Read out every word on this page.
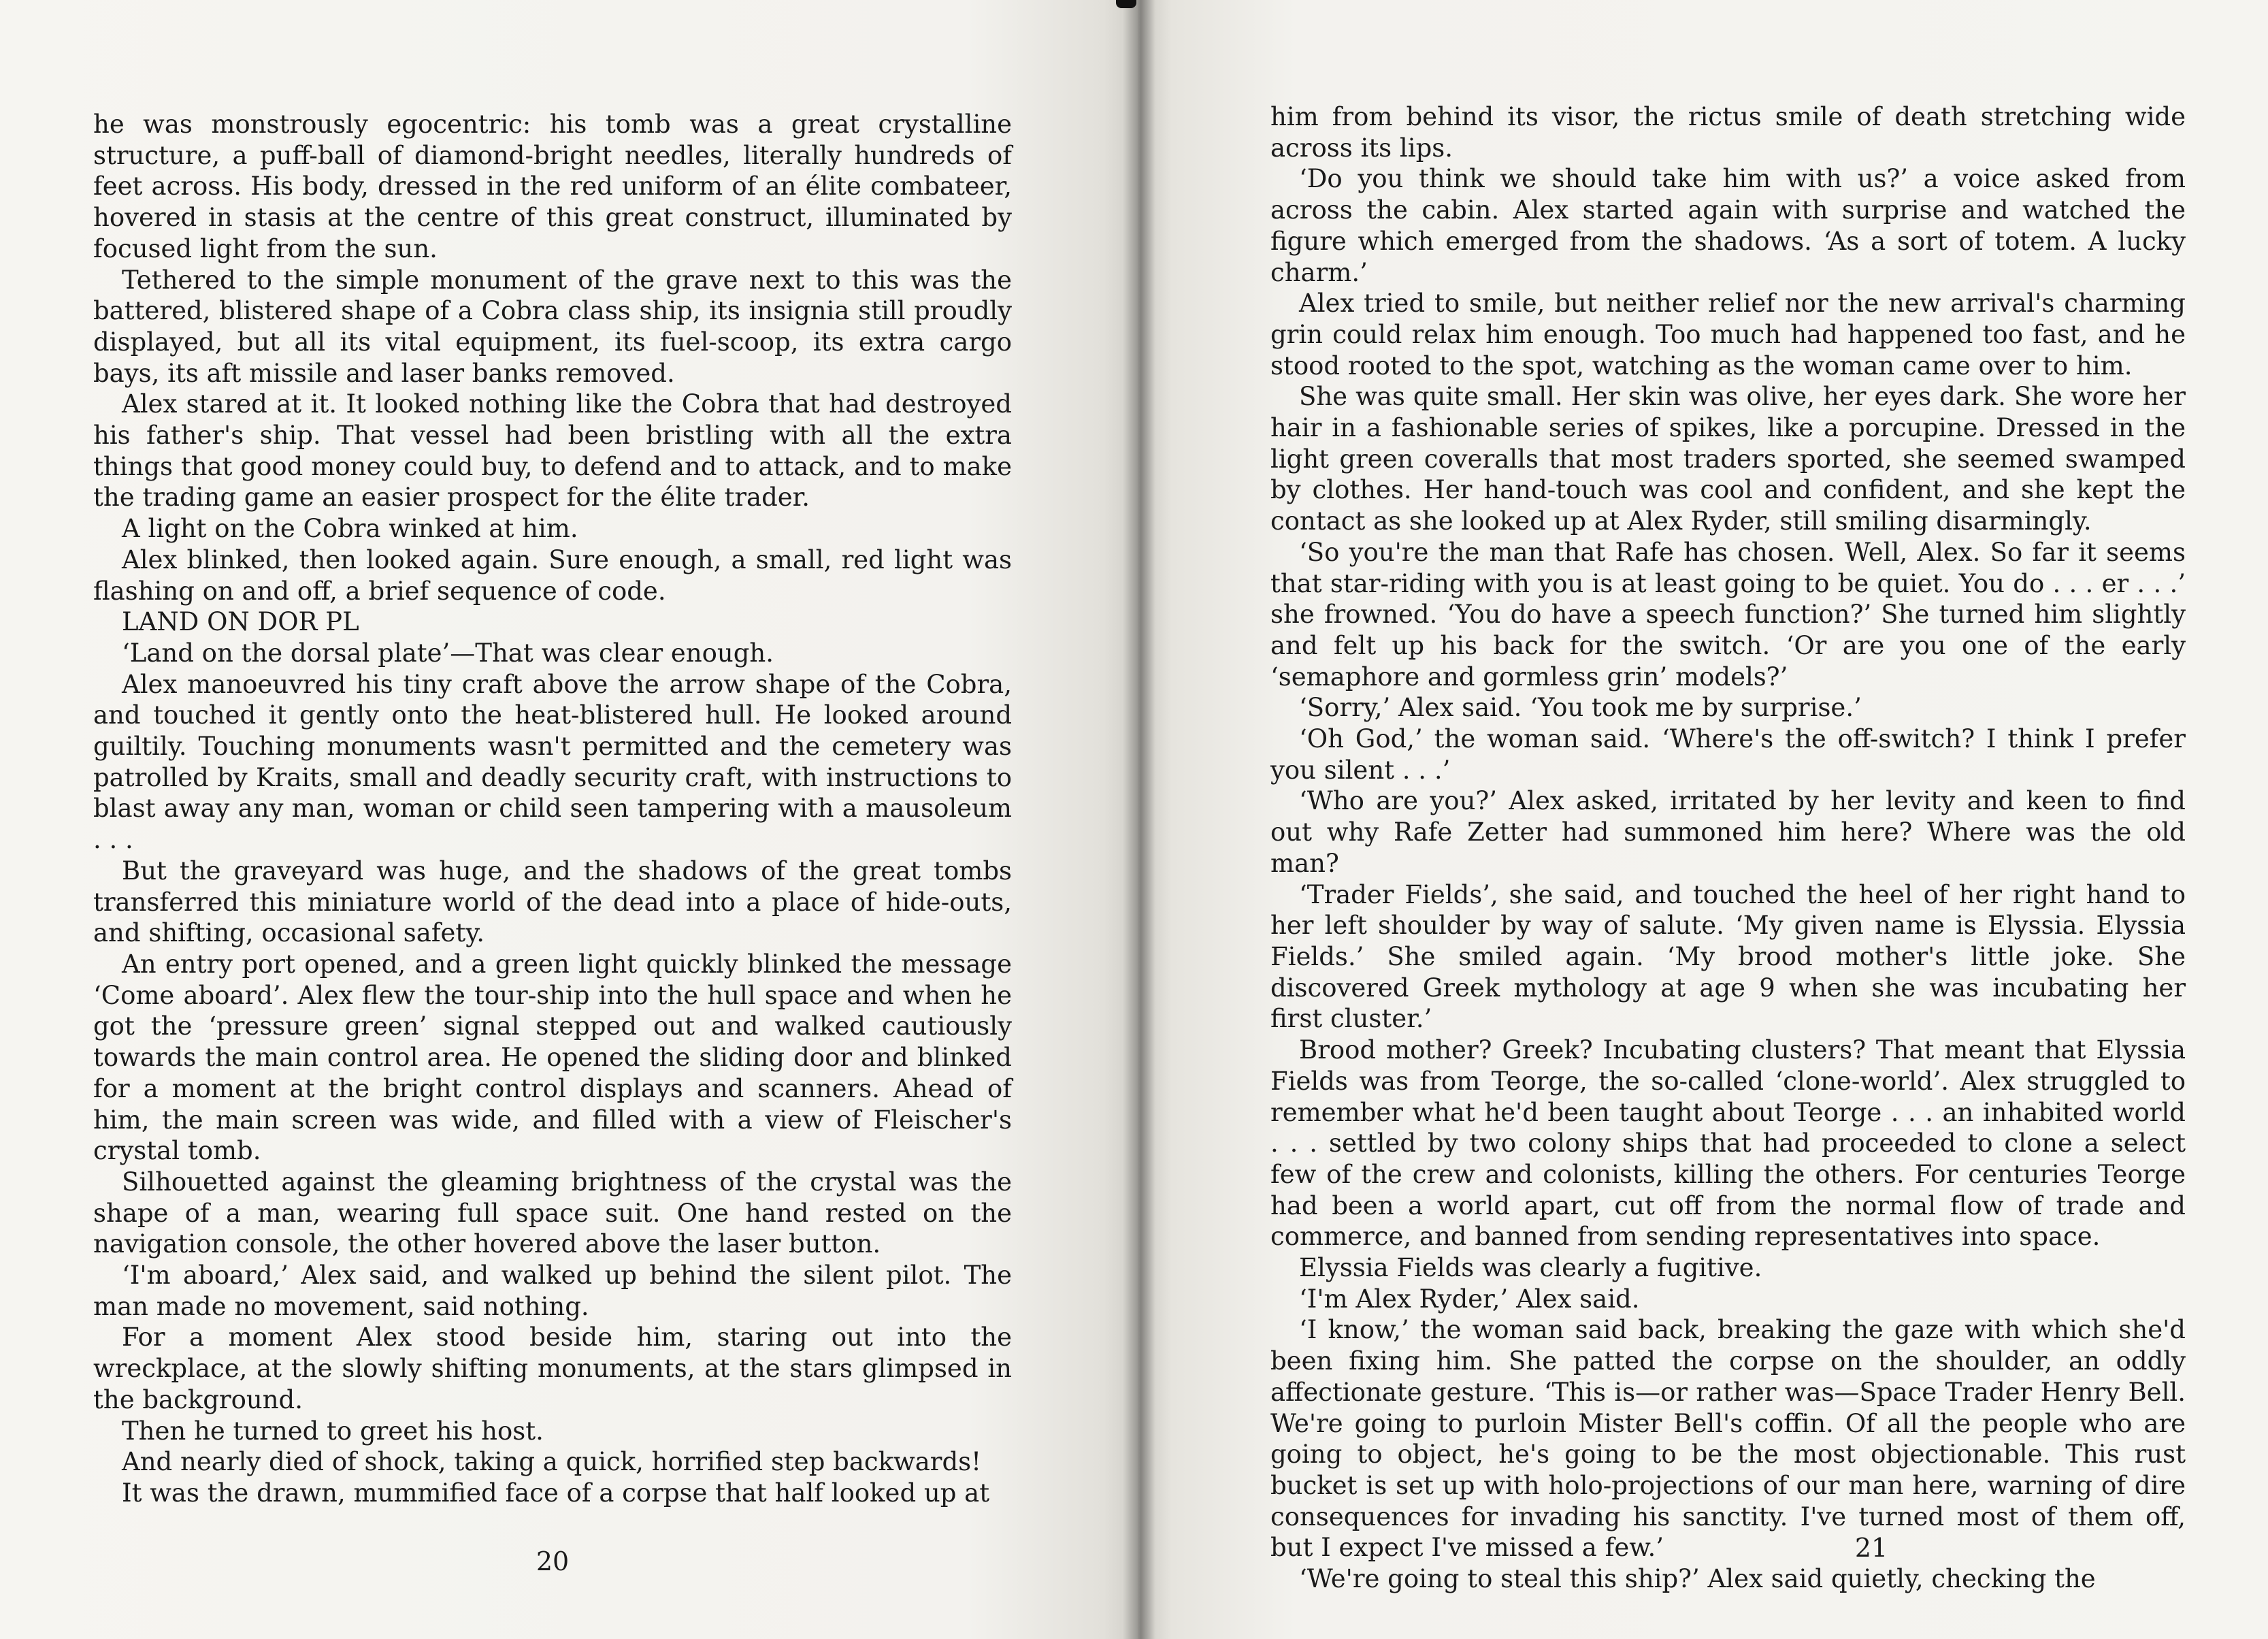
he was monstrously egocentric: his tomb was a great crystalline structure, a puff-ball of diamond-bright needles, literally hundreds of feet across. His body, dressed in the red uniform of an élite combateer, hovered in stasis at the centre of this great construct, illuminated by focused light from the sun.

Tethered to the simple monument of the grave next to this was the battered, blistered shape of a Cobra class ship, its insignia still proudly displayed, but all its vital equipment, its fuel-scoop, its extra cargo bays, its aft missile and laser banks removed.

Alex stared at it. It looked nothing like the Cobra that had destroyed his father's ship. That vessel had been bristling with all the extra things that good money could buy, to defend and to attack, and to make the trading game an easier prospect for the élite trader.

A light on the Cobra winked at him.

Alex blinked, then looked again. Sure enough, a small, red light was flashing on and off, a brief sequence of code.

LAND ON DOR PL

‘Land on the dorsal plate’—That was clear enough.

Alex manoeuvred his tiny craft above the arrow shape of the Cobra, and touched it gently onto the heat-blistered hull. He looked around guiltily. Touching monuments wasn't permitted and the cemetery was patrolled by Kraits, small and deadly security craft, with instructions to blast away any man, woman or child seen tampering with a mausoleum . . .

But the graveyard was huge, and the shadows of the great tombs transferred this miniature world of the dead into a place of hide-outs, and shifting, occasional safety.

An entry port opened, and a green light quickly blinked the message ‘Come aboard’. Alex flew the tour-ship into the hull space and when he got the ‘pressure green’ signal stepped out and walked cautiously towards the main control area. He opened the sliding door and blinked for a moment at the bright control displays and scanners. Ahead of him, the main screen was wide, and filled with a view of Fleischer's crystal tomb.

Silhouetted against the gleaming brightness of the crystal was the shape of a man, wearing full space suit. One hand rested on the navigation console, the other hovered above the laser button.

‘I'm aboard,’ Alex said, and walked up behind the silent pilot. The man made no movement, said nothing.

For a moment Alex stood beside him, staring out into the wreckplace, at the slowly shifting monuments, at the stars glimpsed in the background.

Then he turned to greet his host.

And nearly died of shock, taking a quick, horrified step backwards!

It was the drawn, mummified face of a corpse that half looked up at

20

him from behind its visor, the rictus smile of death stretching wide across its lips.

‘Do you think we should take him with us?’ a voice asked from across the cabin. Alex started again with surprise and watched the figure which emerged from the shadows. ‘As a sort of totem. A lucky charm.’

Alex tried to smile, but neither relief nor the new arrival's charming grin could relax him enough. Too much had happened too fast, and he stood rooted to the spot, watching as the woman came over to him.

She was quite small. Her skin was olive, her eyes dark. She wore her hair in a fashionable series of spikes, like a porcupine. Dressed in the light green coveralls that most traders sported, she seemed swamped by clothes. Her hand-touch was cool and confident, and she kept the contact as she looked up at Alex Ryder, still smiling disarmingly.

‘So you're the man that Rafe has chosen. Well, Alex. So far it seems that star-riding with you is at least going to be quiet. You do . . . er . . .’ she frowned. ‘You do have a speech function?’ She turned him slightly and felt up his back for the switch. ‘Or are you one of the early ‘semaphore and gormless grin’ models?’

‘Sorry,’ Alex said. ‘You took me by surprise.’

‘Oh God,’ the woman said. ‘Where's the off-switch? I think I prefer you silent . . .’

‘Who are you?’ Alex asked, irritated by her levity and keen to find out why Rafe Zetter had summoned him here? Where was the old man?

‘Trader Fields’, she said, and touched the heel of her right hand to her left shoulder by way of salute. ‘My given name is Elyssia. Elyssia Fields.’ She smiled again. ‘My brood mother's little joke. She discovered Greek mythology at age 9 when she was incubating her first cluster.’

Brood mother? Greek? Incubating clusters? That meant that Elyssia Fields was from Teorge, the so-called ‘clone-world’. Alex struggled to remember what he'd been taught about Teorge . . . an inhabited world . . . settled by two colony ships that had proceeded to clone a select few of the crew and colonists, killing the others. For centuries Teorge had been a world apart, cut off from the normal flow of trade and commerce, and banned from sending representatives into space.

Elyssia Fields was clearly a fugitive.

‘I'm Alex Ryder,’ Alex said.

‘I know,’ the woman said back, breaking the gaze with which she'd been fixing him. She patted the corpse on the shoulder, an oddly affectionate gesture. ‘This is—or rather was—Space Trader Henry Bell. We're going to purloin Mister Bell's coffin. Of all the people who are going to object, he's going to be the most objectionable. This rust bucket is set up with holo-projections of our man here, warning of dire consequences for invading his sanctity. I've turned most of them off, but I expect I've missed a few.’

‘We're going to steal this ship?’ Alex said quietly, checking the

21
